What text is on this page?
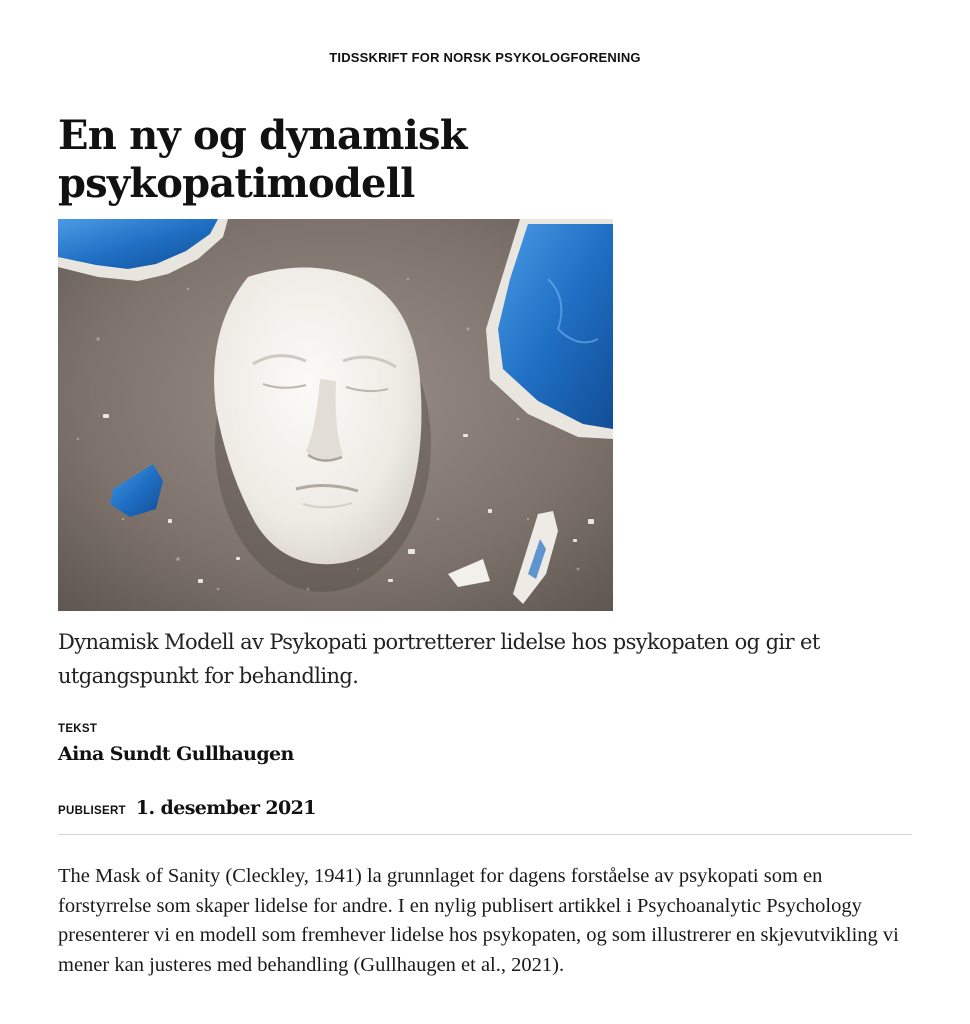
TIDSSKRIFT FOR NORSK PSYKOLOGFORENING
En ny og dynamisk psykopatimodell

Dynamisk Modell av Psykopati portretterer lidelse hos psykopaten og gir et utgangspunkt for behandling.

TEKST
Aina Sundt Gullhaugen
PUBLISERT 1. desember 2021

The Mask of Sanity (Cleckley, 1941) la grunnlaget for dagens forståelse av psykopati som en forstyrrelse som skaper lidelse for andre. I en nylig publisert artikkel i Psychoanalytic Psychology presenterer vi en modell som fremhever lidelse hos psykopaten, og som illustrerer en skjevutvikling vi mener kan justeres med behandling (Gullhaugen et al., 2021).
